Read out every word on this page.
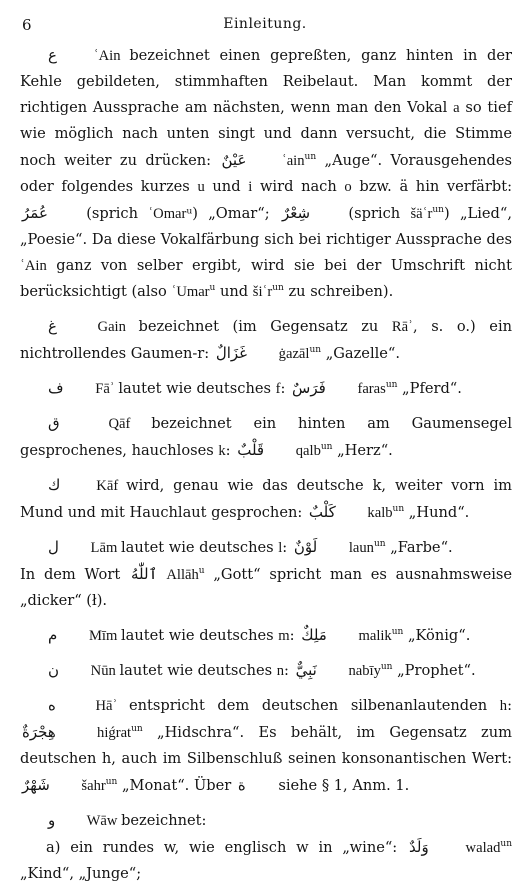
6	Einleitung.

ع ʿAin bezeichnet einen gepreßten, ganz hinten in der Kehle gebildeten, stimmhaften Reibelaut. Man kommt der richtigen Aussprache am nächsten, wenn man den Vokal a so tief wie möglich nach unten singt und dann versucht, die Stimme noch weiter zu drücken: عَيْنٌ ʿain$^{un}$ „Auge“. Vorausgehendes oder folgendes kurzes u und i wird nach o bzw. ä hin verfärbt: عُمَرُ (sprich ʿOmarᵘ) „Omar“; شِعْرٌ (sprich šäʿr$^{un}$) „Lied“, „Poesie“. Da diese Vokalfärbung sich bei richtiger Aussprache des ʿAin ganz von selber ergibt, wird sie bei der Umschrift nicht berücksichtigt (also ʿUmar$^u$ und šiʿr$^{un}$ zu schreiben).

غ Gain bezeichnet (im Gegensatz zu Rāʾ, s. o.) ein nichtrollendes Gaumen-r: غَزَالٌ ġazāl$^{un}$ „Gazelle“.

ف Fāʾ lautet wie deutsches f: فَرَسٌ faras$^{un}$ „Pferd“.

ق Qāf bezeichnet ein hinten am Gaumensegel gesprochenes, hauchloses k: قَلْبٌ qalb$^{un}$ „Herz“.

ك Kāf wird, genau wie das deutsche k, weiter vorn im Mund und mit Hauchlaut gesprochen: كَلْبٌ kalb$^{un}$ „Hund“.

ل Lām lautet wie deutsches l: لَوْنٌ laun$^{un}$ „Farbe“.

In dem Wort ٱللّٰهُ Allāh$^u$ „Gott“ spricht man es ausnahmsweise „dicker“ (ł).

م Mīm lautet wie deutsches m: مَلِكٌ malik$^{un}$ „König“.

ن Nūn lautet wie deutsches n: نَبِيٌّ nabīy$^{un}$ „Prophet“.

ه Hāʾ entspricht dem deutschen silbenanlautenden h: هِجْرَةٌ hiǵrat$^{un}$ „Hidschra“. Es behält, im Gegensatz zum deutschen h, auch im Silbenschluß seinen konsonantischen Wert: شَهْرٌ šahr$^{un}$ „Monat“. Über ة siehe § 1, Anm. 1.

و Wāw bezeichnet:

a) ein rundes w, wie englisch w in „wine“: وَلَدٌ walad$^{un}$ „Kind“, „Junge“;
